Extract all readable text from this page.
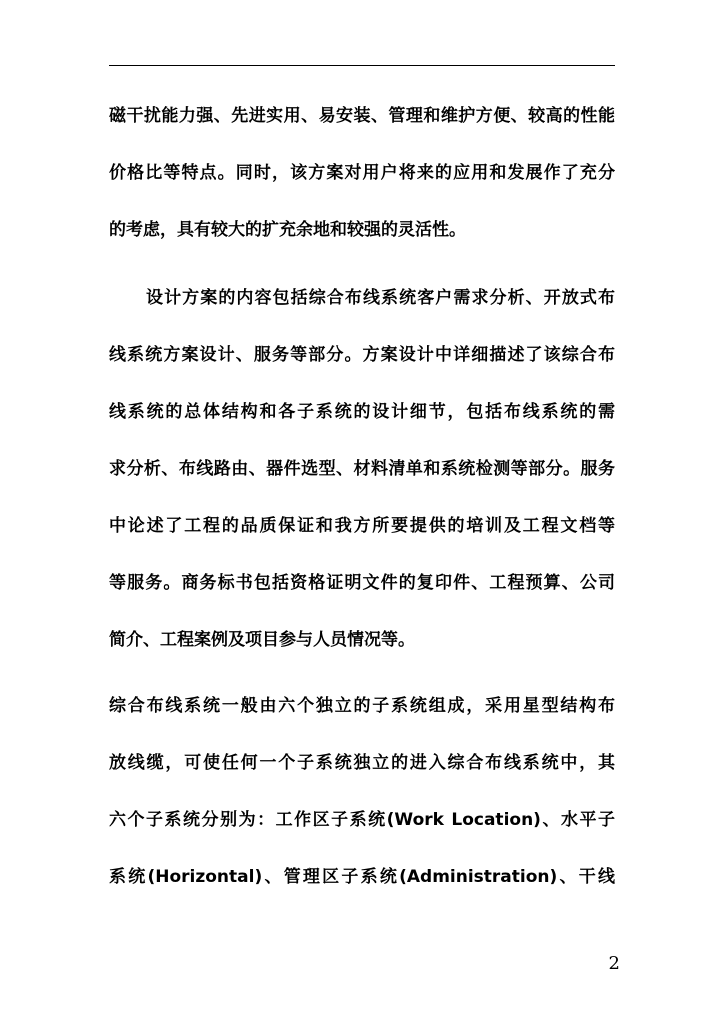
磁干扰能力强、先进实用、易安装、管理和维护方便、较高的性能
价格比等特点。同时，该方案对用户将来的应用和发展作了充分
的考虑，具有较大的扩充余地和较强的灵活性。
设计方案的内容包括综合布线系统客户需求分析、开放式布
线系统方案设计、服务等部分。方案设计中详细描述了该综合布
线系统的总体结构和各子系统的设计细节，包括布线系统的需
求分析、布线路由、器件选型、材料清单和系统检测等部分。服务
中论述了工程的品质保证和我方所要提供的培训及工程文档等
等服务。商务标书包括资格证明文件的复印件、工程预算、公司
简介、工程案例及项目参与人员情况等。
综合布线系统一般由六个独立的子系统组成，采用星型结构布
放线缆，可使任何一个子系统独立的进入综合布线系统中，其
六个子系统分别为：工作区子系统(Work Location)、水平子
系统(Horizontal)、管理区子系统(Administration)、干线
2
